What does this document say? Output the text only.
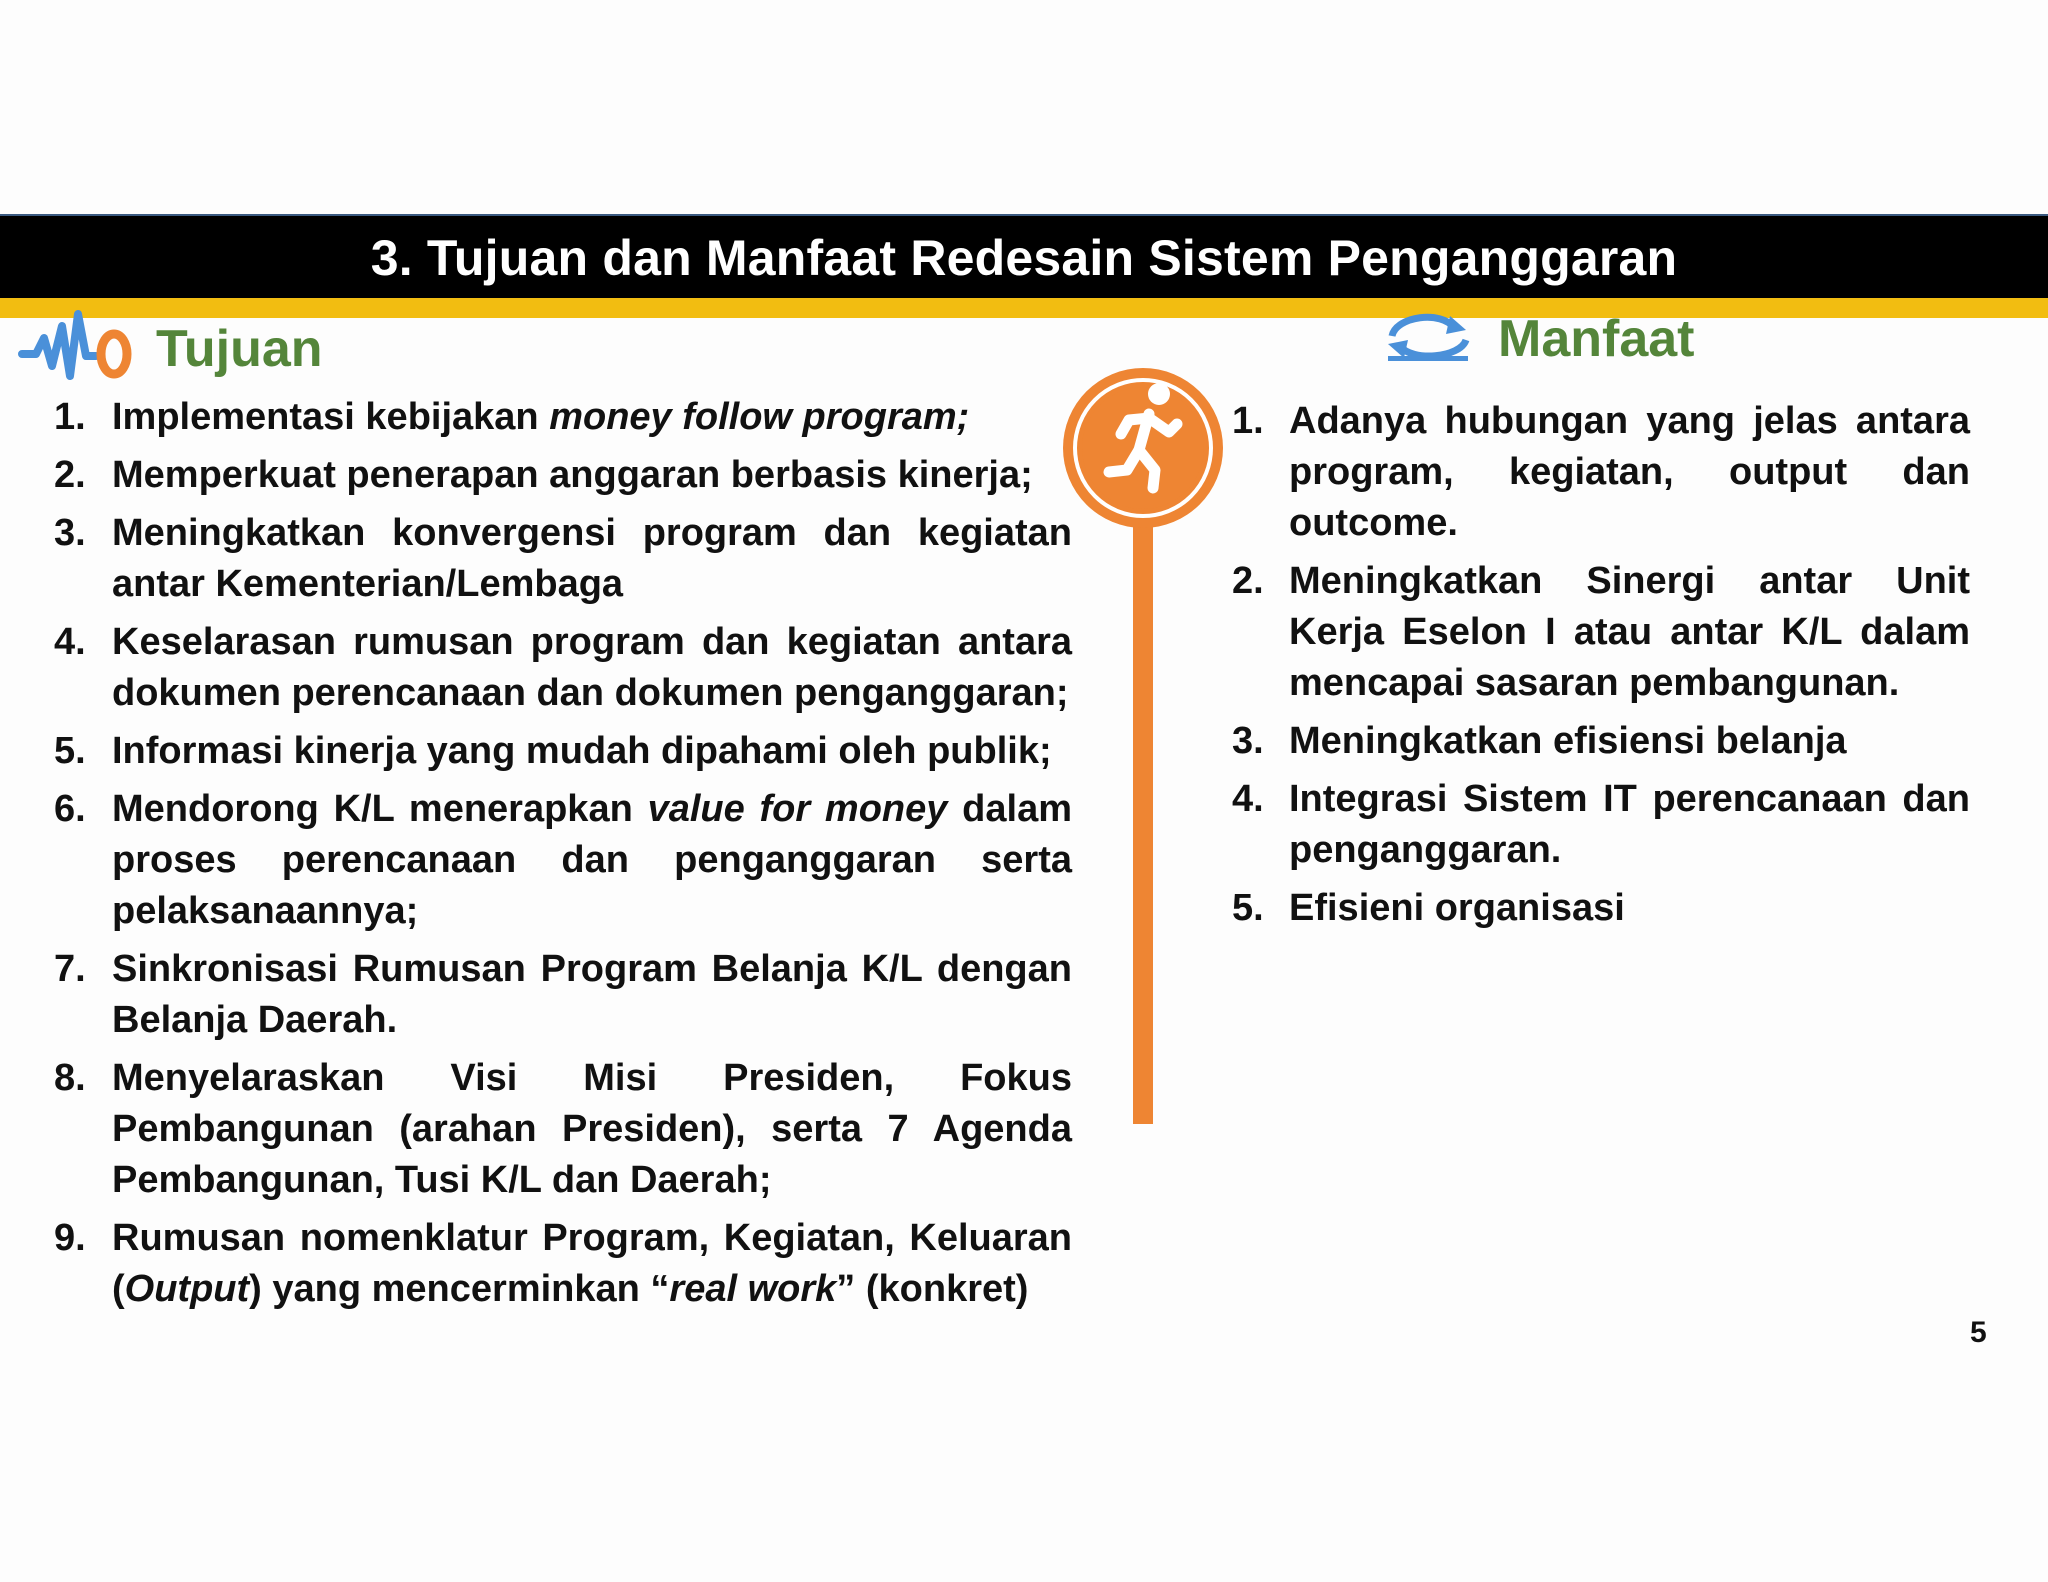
3. Tujuan dan Manfaat Redesain Sistem Penganggaran
Tujuan
1. Implementasi kebijakan money follow program;
2. Memperkuat penerapan anggaran berbasis kinerja;
3. Meningkatkan konvergensi program dan kegiatan antar Kementerian/Lembaga
4. Keselarasan rumusan program dan kegiatan antara dokumen perencanaan dan dokumen penganggaran;
5. Informasi kinerja yang mudah dipahami oleh publik;
6. Mendorong K/L menerapkan value for money dalam proses perencanaan dan penganggaran serta pelaksanaannya;
7. Sinkronisasi Rumusan Program Belanja K/L dengan Belanja Daerah.
8. Menyelaraskan Visi Misi Presiden, Fokus Pembangunan (arahan Presiden), serta 7 Agenda Pembangunan, Tusi K/L dan Daerah;
9. Rumusan nomenklatur Program, Kegiatan, Keluaran (Output) yang mencerminkan “real work” (konkret)
Manfaat
1. Adanya hubungan yang jelas antara program, kegiatan, output dan outcome.
2. Meningkatkan Sinergi antar Unit Kerja Eselon I atau antar K/L dalam mencapai sasaran pembangunan.
3. Meningkatkan efisiensi belanja
4. Integrasi Sistem IT perencanaan dan penganggaran.
5. Efisieni organisasi
5
